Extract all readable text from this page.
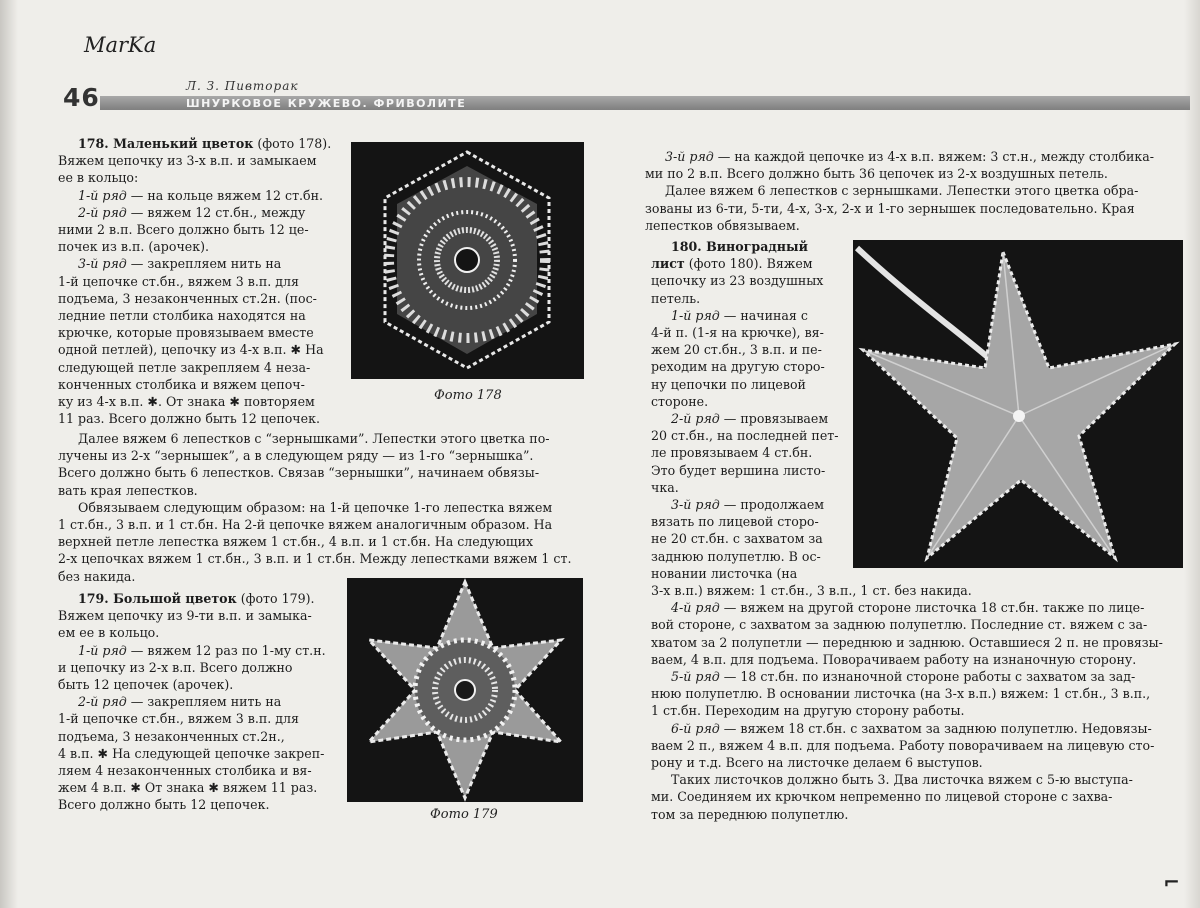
MarKa
46	Л. З. Пивторак
ШНУРКОВОЕ КРУЖЕВО. ФРИВОЛИТЕ

178. Маленький цветок (фото 178).

Вяжем цепочку из 3-х в.п. и замыкаем

ее в кольцо:

1-й ряд — на кольце вяжем 12 ст.бн.

2-й ряд — вяжем 12 ст.бн., между

ними 2 в.п. Всего должно быть 12 це-

почек из в.п. (арочек).

3-й ряд — закрепляем нить на

1-й цепочке ст.бн., вяжем 3 в.п. для

подъема, 3 незаконченных ст.2н. (пос-

ледние петли столбика находятся на

крючке, которые провязываем вместе

одной петлей), цепочку из 4-х в.п. ✱ На

следующей петле закрепляем 4 неза-

конченных столбика и вяжем цепоч-

ку из 4-х в.п. ✱. От знака ✱ повторяем

11 раз. Всего должно быть 12 цепочек.

Далее вяжем 6 лепестков с “зернышками”. Лепестки этого цветка по-

лучены из 2-х “зернышек”, а в следующем ряду — из 1-го “зернышка”.

Всего должно быть 6 лепестков. Связав “зернышки”, начинаем обвязы-

вать края лепестков.

Обвязываем следующим образом: на 1-й цепочке 1-го лепестка вяжем

1 ст.бн., 3 в.п. и 1 ст.бн. На 2-й цепочке вяжем аналогичным образом. На

верхней петле лепестка вяжем 1 ст.бн., 4 в.п. и 1 ст.бн. На следующих

2-х цепочках вяжем 1 ст.бн., 3 в.п. и 1 ст.бн. Между лепестками вяжем 1 ст.

без накида.

179. Большой цветок (фото 179).

Вяжем цепочку из 9-ти в.п. и замыка-

ем ее в кольцо.

1-й ряд — вяжем 12 раз по 1-му ст.н.

и цепочку из 2-х в.п. Всего должно

быть 12 цепочек (арочек).

2-й ряд — закрепляем нить на

1-й цепочке ст.бн., вяжем 3 в.п. для

подъема, 3 незаконченных ст.2н.,

4 в.п. ✱ На следующей цепочке закреп-

ляем 4 незаконченных столбика и вя-

жем 4 в.п. ✱ От знака ✱ вяжем 11 раз.

Всего должно быть 12 цепочек.

Фото 178
Фото 179

3-й ряд — на каждой цепочке из 4-х в.п. вяжем: 3 ст.н., между столбика-

ми по 2 в.п. Всего должно быть 36 цепочек из 2-х воздушных петель.

Далее вяжем 6 лепестков с зернышками. Лепестки этого цветка обра-

зованы из 6-ти, 5-ти, 4-х, 3-х, 2-х и 1-го зернышек последовательно. Края

лепестков обвязываем.

180. Виноградный

лист (фото 180). Вяжем

цепочку из 23 воздушных

петель.

1-й ряд — начиная с

4-й п. (1-я на крючке), вя-

жем 20 ст.бн., 3 в.п. и пе-

реходим на другую сторо-

ну цепочки по лицевой

стороне.

2-й ряд — провязываем

20 ст.бн., на последней пет-

ле провязываем 4 ст.бн.

Это будет вершина листо-

чка.

3-й ряд — продолжаем

вязать по лицевой сторо-

не 20 ст.бн. с захватом за

заднюю полупетлю. В ос-

новании листочка (на

3-х в.п.) вяжем: 1 ст.бн., 3 в.п., 1 ст. без накида.

4-й ряд — вяжем на другой стороне листочка 18 ст.бн. также по лице-

вой стороне, с захватом за заднюю полупетлю. Последние ст. вяжем с за-

хватом за 2 полупетли — переднюю и заднюю. Оставшиеся 2 п. не провязы-

ваем, 4 в.п. для подъема. Поворачиваем работу на изнаночную сторону.

5-й ряд — 18 ст.бн. по изнаночной стороне работы с захватом за зад-

нюю полупетлю. В основании листочка (на 3-х в.п.) вяжем: 1 ст.бн., 3 в.п.,

1 ст.бн. Переходим на другую сторону работы.

6-й ряд — вяжем 18 ст.бн. с захватом за заднюю полупетлю. Недовязы-

ваем 2 п., вяжем 4 в.п. для подъема. Работу поворачиваем на лицевую сто-

рону и т.д. Всего на листочке делаем 6 выступов.

Таких листочков должно быть 3. Два листочка вяжем с 5-ю выступа-

ми. Соединяем их крючком непременно по лицевой стороне с захва-

том за переднюю полупетлю.

⌐
